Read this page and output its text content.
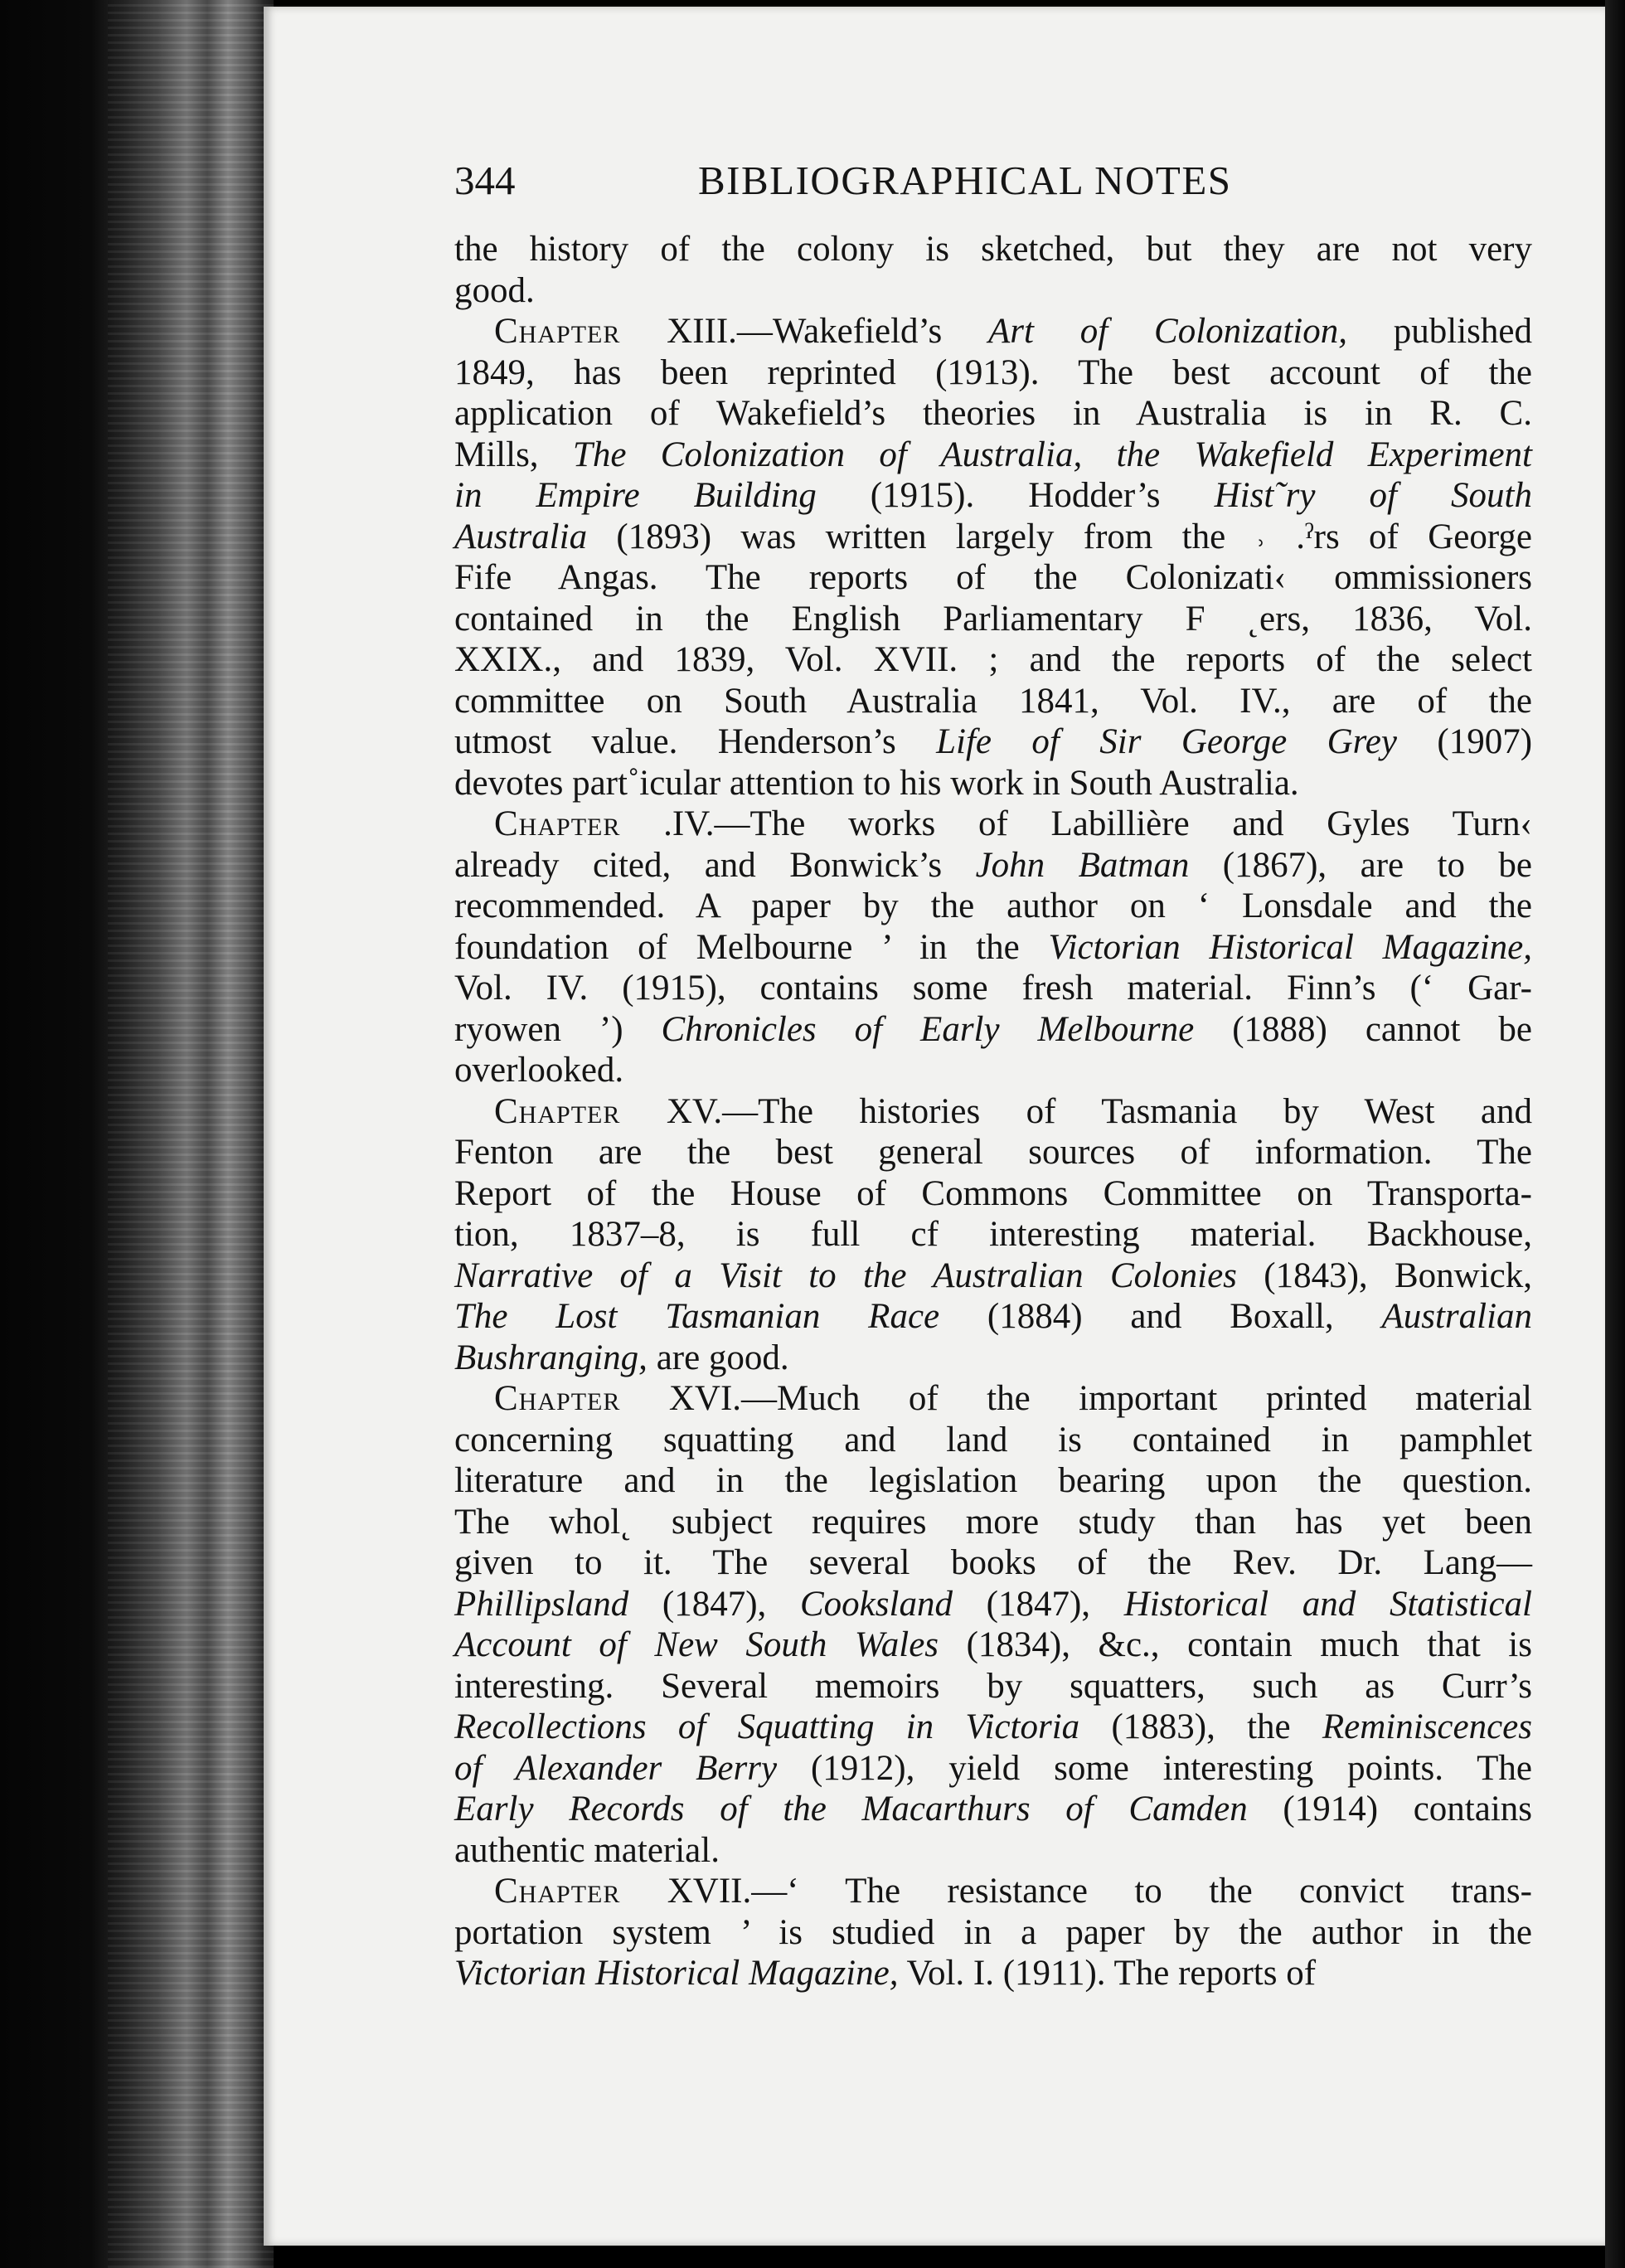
344	BIBLIOGRAPHICAL NOTES

the history of the colony is sketched, but they are not very
good.

Chapter XIII.—Wakefield’s Art of Colonization, published
1849, has been reprinted (1913). The best account of the
application of Wakefield’s theories in Australia is in R. C.
Mills, The Colonization of Australia, the Wakefield Experiment
in Empire Building (1915). Hodder’s Hist˜ry of South
Australia (1893) was written largely from the ˒ .ˀrs of George
Fife Angas. The reports of the Colonizati‹ ommissioners
contained in the English Parliamentary F ˛ers, 1836, Vol.
XXIX., and 1839, Vol. XVII. ; and the reports of the select
committee on South Australia 1841, Vol. IV., are of the
utmost value. Henderson’s Life of Sir George Grey (1907)
devotes part˚icular attention to his work in South Australia.

Chapter .IV.—The works of Labillière and Gyles Turn‹
already cited, and Bonwick’s John Batman (1867), are to be
recommended. A paper by the author on ‘ Lonsdale and the
foundation of Melbourne ’ in the Victorian Historical Magazine,
Vol. IV. (1915), contains some fresh material. Finn’s (‘ Gar-
ryowen ’) Chronicles of Early Melbourne (1888) cannot be
overlooked.

Chapter XV.—The histories of Tasmania by West and
Fenton are the best general sources of information. The
Report of the House of Commons Committee on Transporta-
tion, 1837–8, is full cf interesting material. Backhouse,
Narrative of a Visit to the Australian Colonies (1843), Bonwick,
The Lost Tasmanian Race (1884) and Boxall, Australian
Bushranging, are good.

Chapter XVI.—Much of the important printed material
concerning squatting and land is contained in pamphlet
literature and in the legislation bearing upon the question.
The whol˛ subject requires more study than has yet been
given to it. The several books of the Rev. Dr. Lang—
Phillipsland (1847), Cooksland (1847), Historical and Statistical
Account of New South Wales (1834), &c., contain much that is
interesting. Several memoirs by squatters, such as Curr’s
Recollections of Squatting in Victoria (1883), the Reminiscences
of Alexander Berry (1912), yield some interesting points. The
Early Records of the Macarthurs of Camden (1914) contains
authentic material.

Chapter XVII.—‘ The resistance to the convict trans-
portation system ’ is studied in a paper by the author in the
Victorian Historical Magazine, Vol. I. (1911). The reports of
